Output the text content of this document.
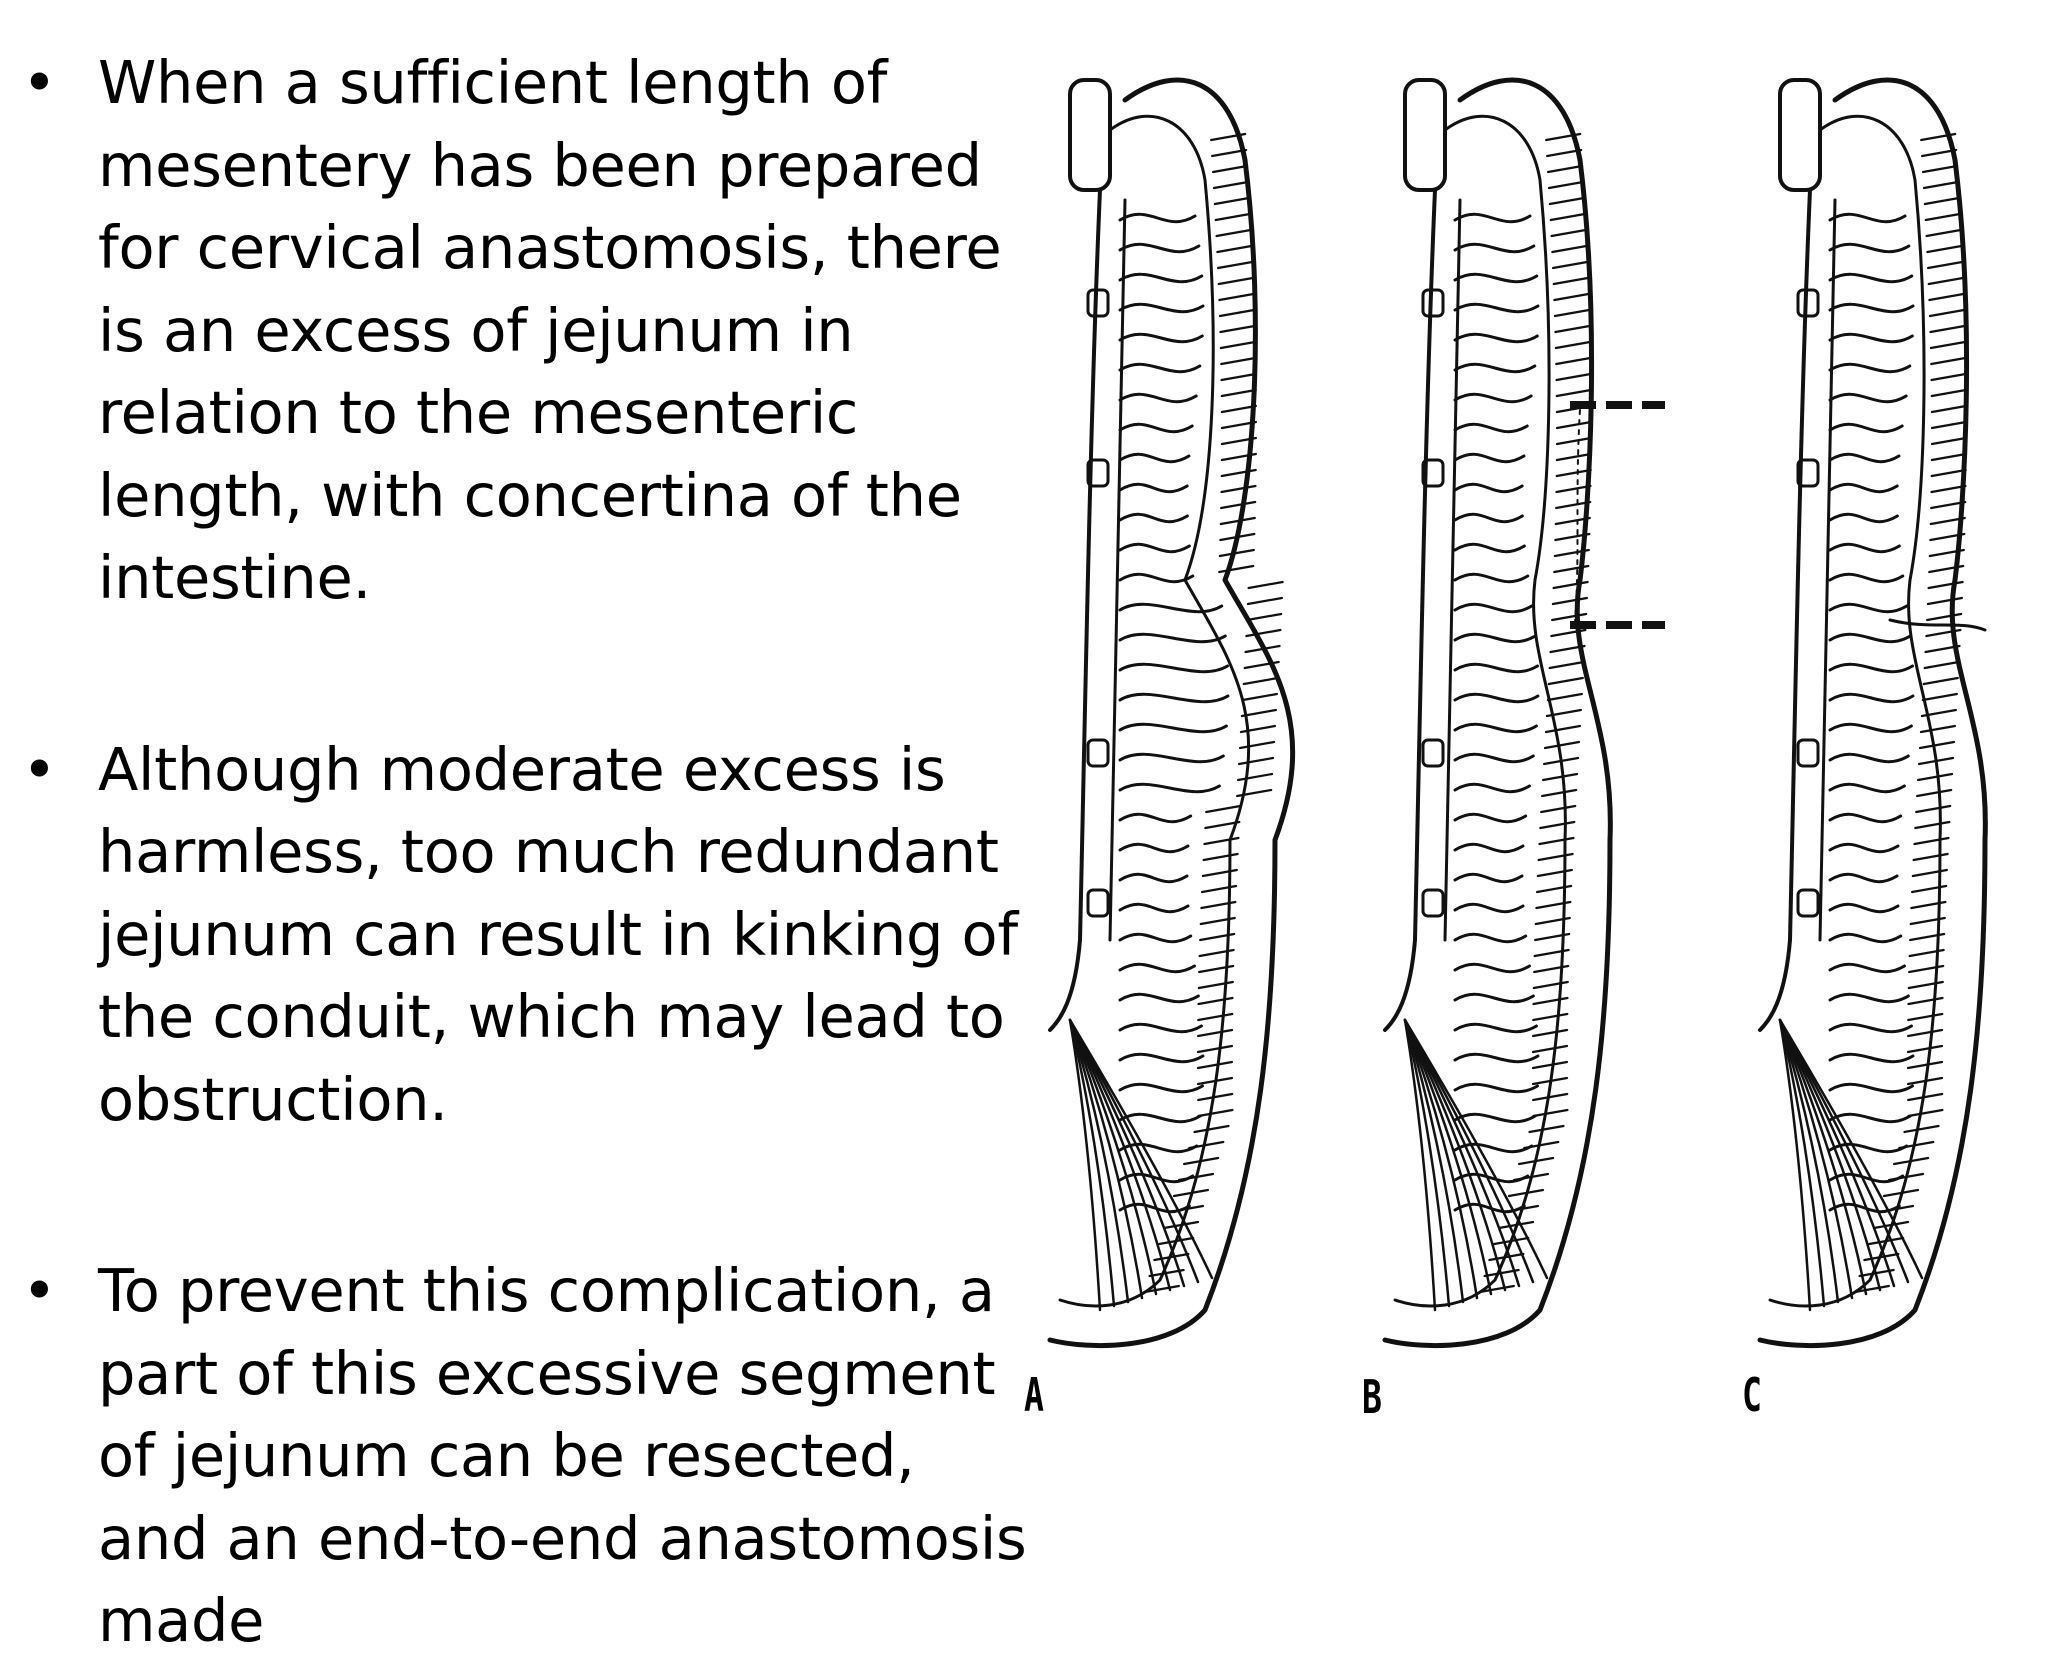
• When a sufficient length of mesentery has been prepared for cervical anastomosis, there is an excess of jejunum in relation to the mesenteric length, with concertina of the intestine.
• Although moderate excess is harmless, too much redundant jejunum can result in kinking of the conduit, which may lead to obstruction.
• To prevent this complication, a part of this excessive segment of jejunum can be resected, and an end-to-end anastomosis made
A	B	C
